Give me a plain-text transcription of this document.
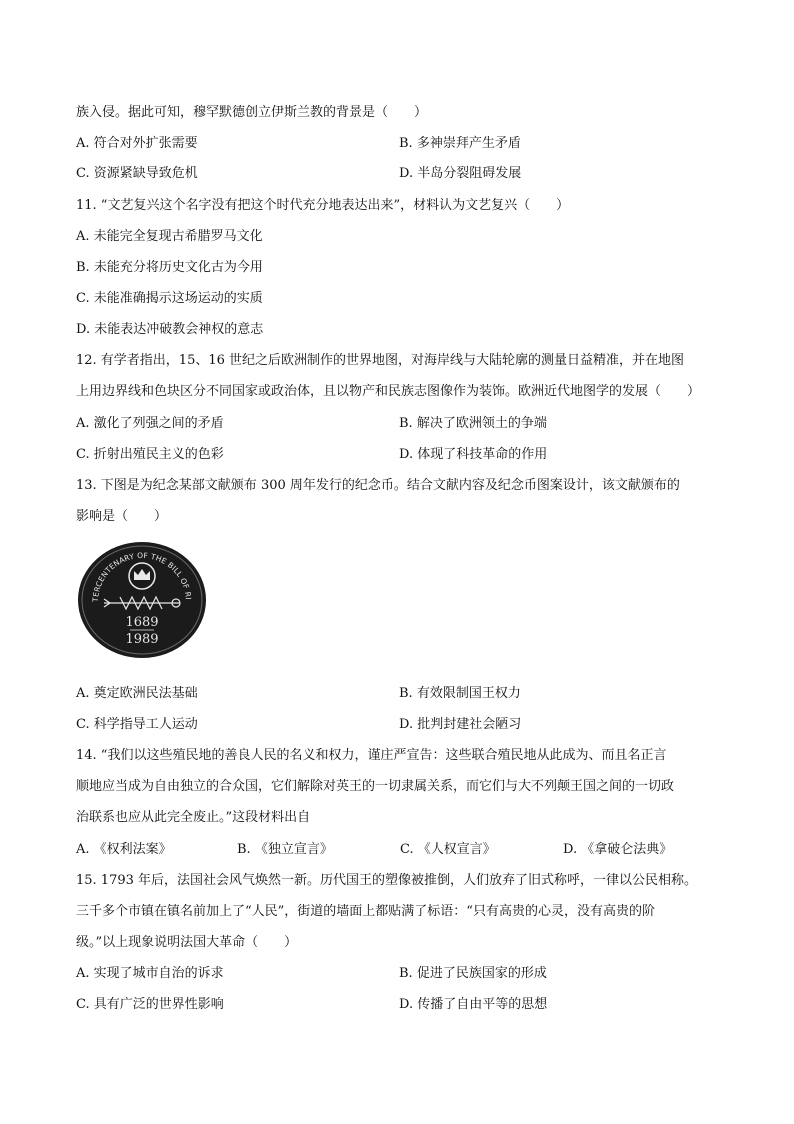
族入侵。据此可知，穆罕默德创立伊斯兰教的背景是（　　）
A. 符合对外扩张需要	B. 多神崇拜产生矛盾
C. 资源紧缺导致危机	D. 半岛分裂阻碍发展
11. “文艺复兴这个名字没有把这个时代充分地表达出来”，材料认为文艺复兴（　　）
A. 未能完全复现古希腊罗马文化
B. 未能充分将历史文化古为今用
C. 未能准确揭示这场运动的实质
D. 未能表达冲破教会神权的意志
12. 有学者指出，15、16 世纪之后欧洲制作的世界地图，对海岸线与大陆轮廓的测量日益精准，并在地图
上用边界线和色块区分不同国家或政治体，且以物产和民族志图像作为装饰。欧洲近代地图学的发展（　　）
A. 激化了列强之间的矛盾	B. 解决了欧洲领土的争端
C. 折射出殖民主义的色彩	D. 体现了科技革命的作用
13. 下图是为纪念某部文献颁布 300 周年发行的纪念币。结合文献内容及纪念币图案设计，该文献颁布的
影响是（　　）
TERCENTENARY OF THE BILL OF RI
1689
1989
A. 奠定欧洲民法基础	B. 有效限制国王权力
C. 科学指导工人运动	D. 批判封建社会陋习
14. “我们以这些殖民地的善良人民的名义和权力，谨庄严宣告：这些联合殖民地从此成为、而且名正言
顺地应当成为自由独立的合众国，它们解除对英王的一切隶属关系，而它们与大不列颠王国之间的一切政
治联系也应从此完全废止。”这段材料出自
A. 《权利法案》	B. 《独立宣言》	C. 《人权宣言》	D. 《拿破仑法典》
15. 1793 年后，法国社会风气焕然一新。历代国王的塑像被推倒，人们放弃了旧式称呼，一律以公民相称。
三千多个市镇在镇名前加上了“人民”，街道的墙面上都贴满了标语：“只有高贵的心灵，没有高贵的阶
级。”以上现象说明法国大革命（　　）
A. 实现了城市自治的诉求	B. 促进了民族国家的形成
C. 具有广泛的世界性影响	D. 传播了自由平等的思想
